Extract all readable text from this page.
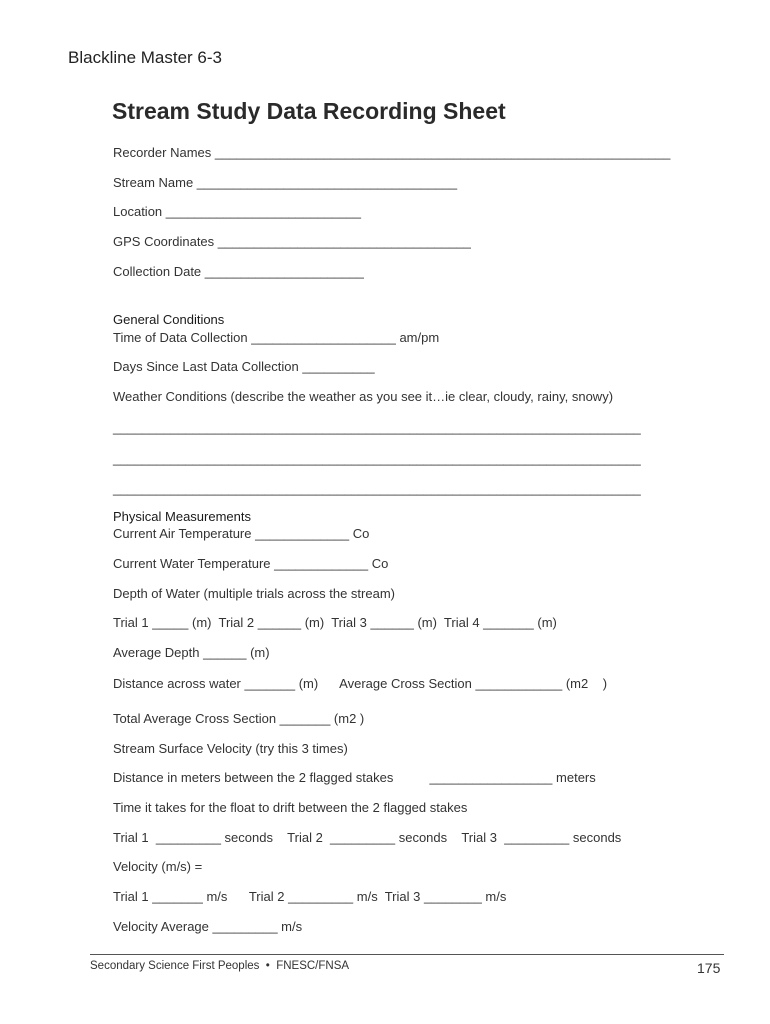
Blackline Master 6-3
Stream Study Data Recording Sheet
Recorder Names _______________________________________________________________
Stream Name ____________________________________
Location ___________________________
GPS Coordinates ___________________________________
Collection Date ______________________
General Conditions
Time of Data Collection ____________________ am/pm
Days Since Last Data Collection __________
Weather Conditions (describe the weather as you see it…ie clear, cloudy, rainy, snowy)
_________________________________________________________________________
_________________________________________________________________________
_________________________________________________________________________
Physical Measurements
Current Air Temperature _____________ Co
Current Water Temperature _____________ Co
Depth of Water (multiple trials across the stream)
Trial 1 _____ (m)  Trial 2 ______ (m)  Trial 3 ______ (m)  Trial 4 _______ (m)
Average Depth ______ (m)
Distance across water _______ (m)      Average Cross Section ____________ (m2    )
Total Average Cross Section _______ (m2 )
Stream Surface Velocity (try this 3 times)
Distance in meters between the 2 flagged stakes          _________________ meters
Time it takes for the float to drift between the 2 flagged stakes
Trial 1  _________ seconds    Trial 2  _________ seconds    Trial 3  _________ seconds
Velocity (m/s) =
Trial 1 _______ m/s      Trial 2 _________ m/s  Trial 3 ________ m/s
Velocity Average _________ m/s
Secondary Science First Peoples  •  FNESC/FNSA	175
